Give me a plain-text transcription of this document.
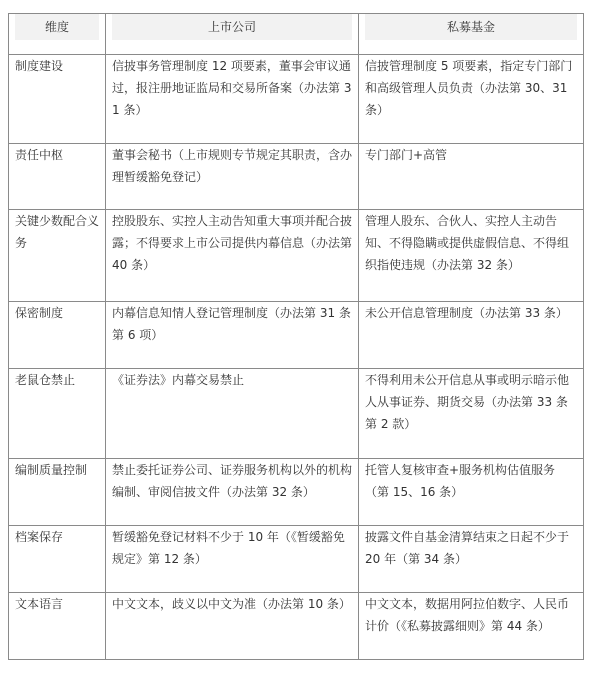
维度	上市公司	私募基金

制度建设	信披事务管理制度 12 项要素，董事会审议通过，报注册地证监局和交易所备案（办法第 31 条）	信披管理制度 5 项要素，指定专门部门和高级管理人员负责（办法第 30、31 条）
责任中枢	董事会秘书（上市规则专节规定其职责，含办理暂缓豁免登记）	专门部门+高管
关键少数配合义务	控股股东、实控人主动告知重大事项并配合披露；不得要求上市公司提供内幕信息（办法第 40 条）	管理人股东、合伙人、实控人主动告知、不得隐瞒或提供虚假信息、不得组织指使违规（办法第 32 条）
保密制度	内幕信息知情人登记管理制度（办法第 31 条第 6 项）	未公开信息管理制度（办法第 33 条）
老鼠仓禁止	《证券法》内幕交易禁止	不得利用未公开信息从事或明示暗示他人从事证券、期货交易（办法第 33 条第 2 款）
编制质量控制	禁止委托证券公司、证券服务机构以外的机构编制、审阅信披文件（办法第 32 条）	托管人复核审查+服务机构估值服务（第 15、16 条）
档案保存	暂缓豁免登记材料不少于 10 年（《暂缓豁免规定》第 12 条）	披露文件自基金清算结束之日起不少于 20 年（第 34 条）
文本语言	中文文本，歧义以中文为准（办法第 10 条）	中文文本，数据用阿拉伯数字、人民币计价（《私募披露细则》第 44 条）
